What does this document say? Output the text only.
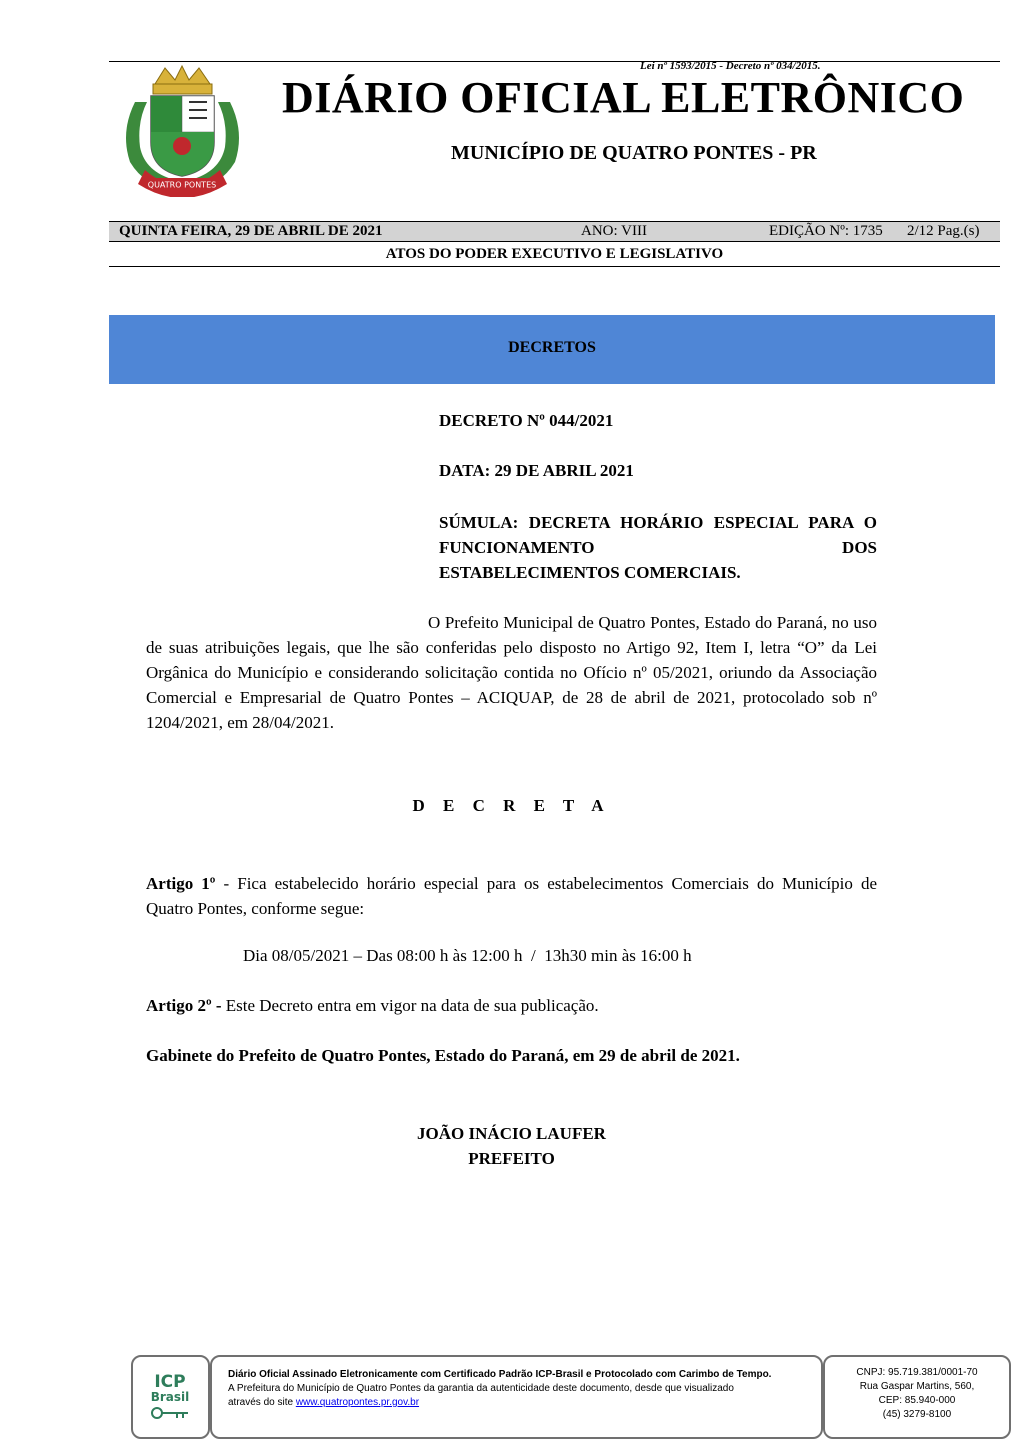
Lei nº 1593/2015 - Decreto nº 034/2015.
QUATRO PONTES
DIÁRIO OFICIAL ELETRÔNICO
MUNICÍPIO DE QUATRO PONTES - PR
QUINTA FEIRA, 29 DE ABRIL DE 2021	ANO: VIII	EDIÇÃO Nº: 1735 2/12 Pag.(s)
ATOS DO PODER EXECUTIVO E LEGISLATIVO
DECRETOS
DECRETO Nº 044/2021
DATA: 29 DE ABRIL 2021
SÚMULA: DECRETA HORÁRIO ESPECIAL PARA O FUNCIONAMENTO DOS
ESTABELECIMENTOS COMERCIAIS.
O Prefeito Municipal de Quatro Pontes, Estado do Paraná, no uso de suas atribuições legais, que lhe são conferidas pelo disposto no Artigo 92, Item I, letra “O” da Lei Orgânica do Município e considerando solicitação contida no Ofício nº 05/2021, oriundo da Associação Comercial e Empresarial de Quatro Pontes – ACIQUAP, de 28 de abril de 2021, protocolado sob nº 1204/2021, em 28/04/2021.
D E C R E T A
Artigo 1º - Fica estabelecido horário especial para os estabelecimentos Comerciais do Município de Quatro Pontes, conforme segue:
Dia 08/05/2021 – Das 08:00 h às 12:00 h  /  13h30 min às 16:00 h
Artigo 2º - Este Decreto entra em vigor na data de sua publicação.
Gabinete do Prefeito de Quatro Pontes, Estado do Paraná, em 29 de abril de 2021.
JOÃO INÁCIO LAUFER
PREFEITO
ICP
Brasil
Diário Oficial Assinado Eletronicamente com Certificado Padrão ICP-Brasil e Protocolado com Carimbo de Tempo.
A Prefeitura do Município de Quatro Pontes da garantia da autenticidade deste documento, desde que visualizado
através do site www.quatropontes.pr.gov.br
CNPJ: 95.719.381/0001-70
Rua Gaspar Martins, 560,
CEP: 85.940-000
(45) 3279-8100
